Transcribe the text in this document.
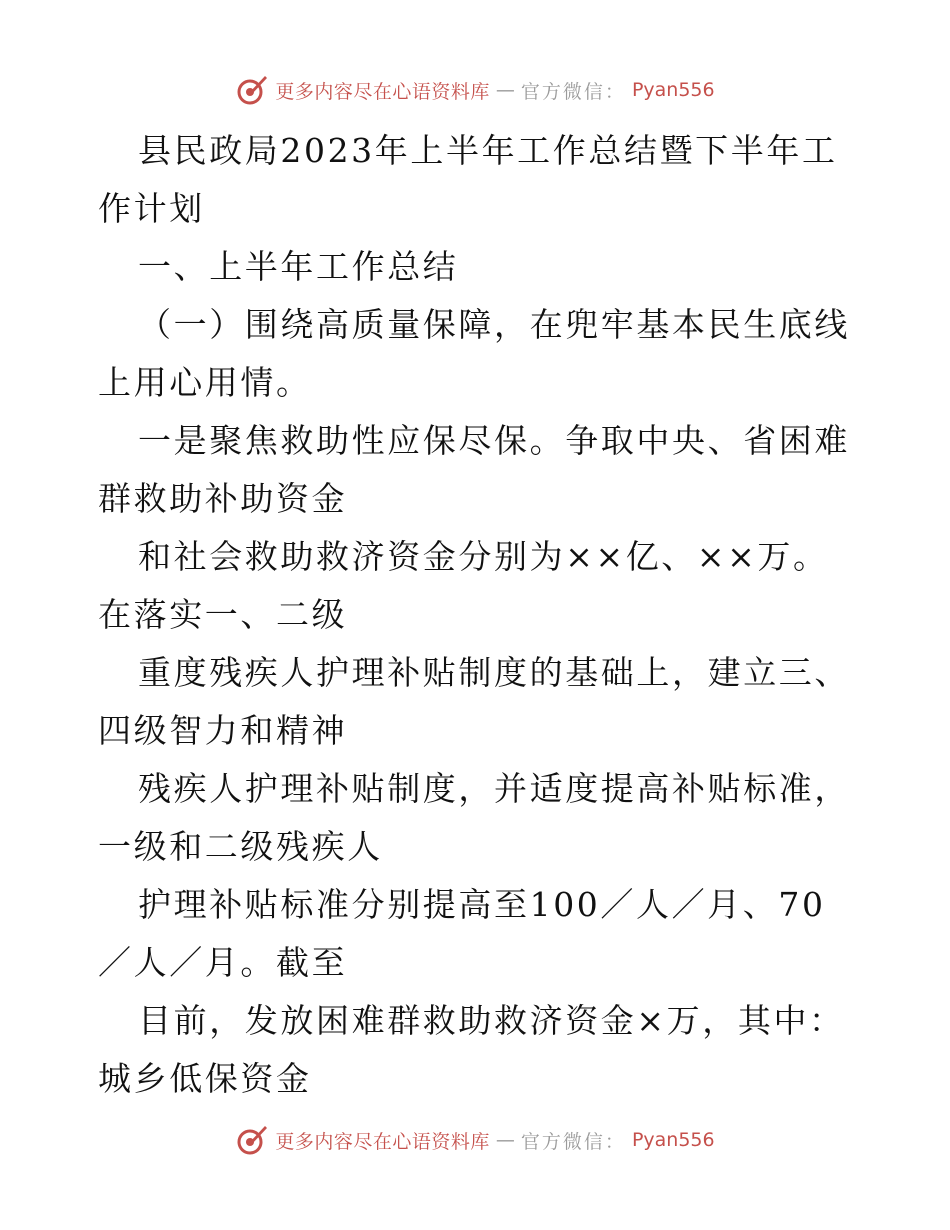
更多内容尽在心语资料库 — 官方微信： Pyan556

县民政局2023年上半年工作总结暨下半年工作计划

一、上半年工作总结

（一）围绕高质量保障，在兜牢基本民生底线上用心用情。

一是聚焦救助性应保尽保。争取中央、省困难群救助补助资金

和社会救助救济资金分别为××亿、××万。在落实一、二级

重度残疾人护理补贴制度的基础上，建立三、四级智力和精神

残疾人护理补贴制度，并适度提高补贴标准，一级和二级残疾人

护理补贴标准分别提高至100／人／月、70／人／月。截至

目前，发放困难群救助救济资金×万，其中：城乡低保资金

更多内容尽在心语资料库 — 官方微信： Pyan556
